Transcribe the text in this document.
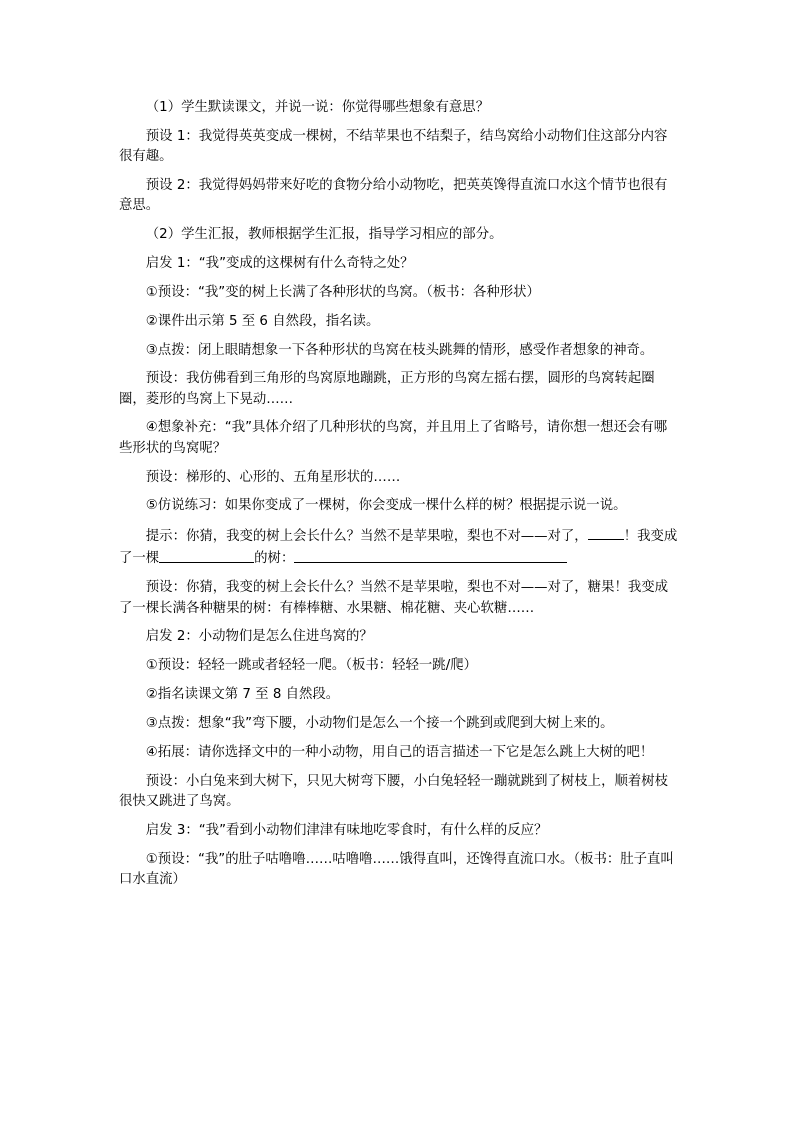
（1）学生默读课文，并说一说：你觉得哪些想象有意思？

预设 1：我觉得英英变成一棵树，不结苹果也不结梨子，结鸟窝给小动物们住这部分内容很有趣。

预设 2：我觉得妈妈带来好吃的食物分给小动物吃，把英英馋得直流口水这个情节也很有意思。

（2）学生汇报，教师根据学生汇报，指导学习相应的部分。

启发 1：“我”变成的这棵树有什么奇特之处？

①预设：“我”变的树上长满了各种形状的鸟窝。（板书：各种形状）

②课件出示第 5 至 6 自然段，指名读。

③点拨：闭上眼睛想象一下各种形状的鸟窝在枝头跳舞的情形，感受作者想象的神奇。

预设：我仿佛看到三角形的鸟窝原地蹦跳，正方形的鸟窝左摇右摆，圆形的鸟窝转起圈圈，菱形的鸟窝上下晃动……

④想象补充：“我”具体介绍了几种形状的鸟窝，并且用上了省略号，请你想一想还会有哪些形状的鸟窝呢？

预设：梯形的、心形的、五角星形状的……

⑤仿说练习：如果你变成了一棵树，你会变成一棵什么样的树？根据提示说一说。

提示：你猜，我变的树上会长什么？当然不是苹果啦，梨也不对——对了，	！我变成了一棵	的树：

预设：你猜，我变的树上会长什么？当然不是苹果啦，梨也不对——对了，糖果！我变成了一棵长满各种糖果的树：有棒棒糖、水果糖、棉花糖、夹心软糖……

启发 2：小动物们是怎么住进鸟窝的？

①预设：轻轻一跳或者轻轻一爬。（板书：轻轻一跳/爬）

②指名读课文第 7 至 8 自然段。

③点拨：想象“我”弯下腰，小动物们是怎么一个接一个跳到或爬到大树上来的。

④拓展：请你选择文中的一种小动物，用自己的语言描述一下它是怎么跳上大树的吧！

预设：小白兔来到大树下，只见大树弯下腰，小白兔轻轻一蹦就跳到了树枝上，顺着树枝很快又跳进了鸟窝。

启发 3：“我”看到小动物们津津有味地吃零食时，有什么样的反应？

①预设：“我”的肚子咕噜噜……咕噜噜……饿得直叫，还馋得直流口水。（板书：肚子直叫 口水直流）
